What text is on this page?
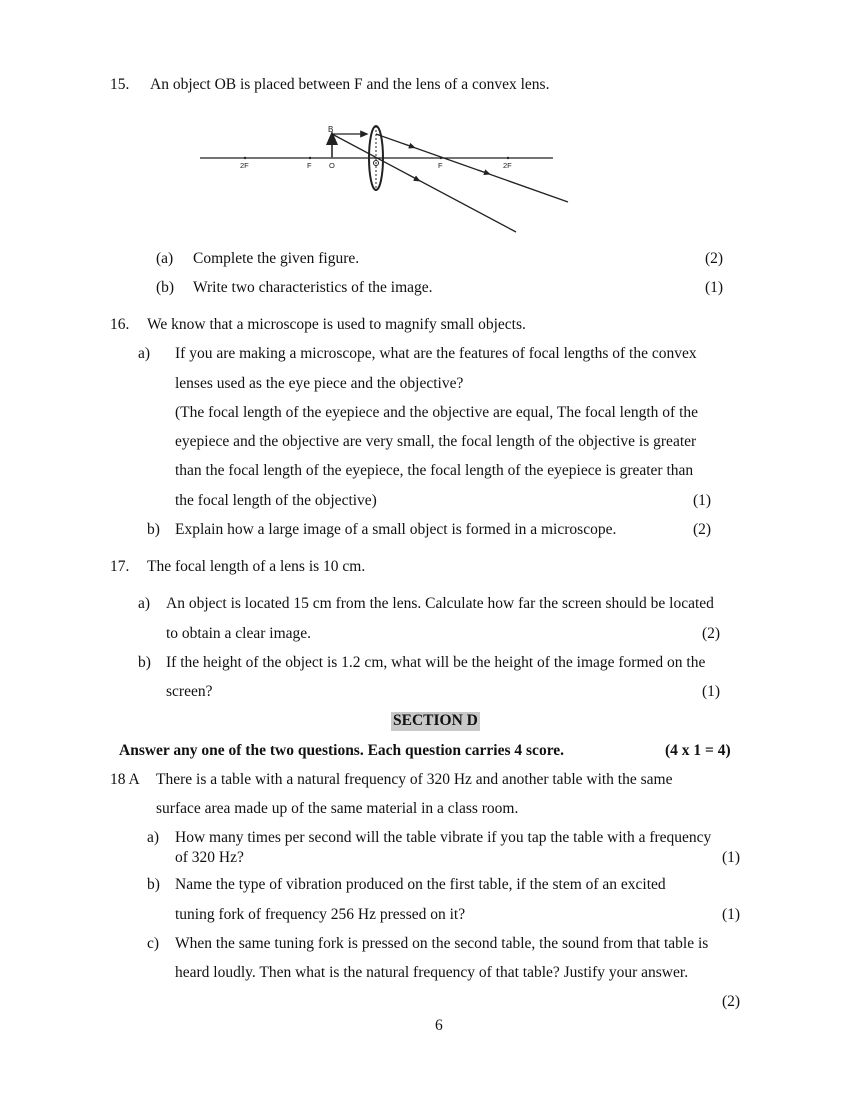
15. An object OB is placed between F and the lens of a convex lens.
B
2F	F O	F	2F
(a) Complete the given figure.	(2)
(b) Write two characteristics of the image.	(1)
16. We know that a microscope is used to magnify small objects.
a) If you are making a microscope, what are the features of focal lengths of the convex
lenses used as the eye piece and the objective?
(The focal length of the eyepiece and the objective are equal, The focal length of the
eyepiece and the objective are very small, the focal length of the objective is greater
than the focal length of the eyepiece, the focal length of the eyepiece is greater than
the focal length of the objective)	(1)
b) Explain how a large image of a small object is formed in a microscope.	(2)
17. The focal length of a lens is 10 cm.
a) An object is located 15 cm from the lens. Calculate how far the screen should be located
to obtain a clear image.	(2)
b) If the height of the object is 1.2 cm, what will be the height of the image formed on the
screen?	(1)
SECTION D
Answer any one of the two questions. Each question carries 4 score.	(4 x 1 = 4)
18 A There is a table with a natural frequency of 320 Hz and another table with the same
surface area made up of the same material in a class room.
a) How many times per second will the table vibrate if you tap the table with a frequency
of 320 Hz?	(1)
b) Name the type of vibration produced on the first table, if the stem of an excited
tuning fork of frequency 256 Hz pressed on it?	(1)
c) When the same tuning fork is pressed on the second table, the sound from that table is
heard loudly. Then what is the natural frequency of that table? Justify your answer.
(2)
6
